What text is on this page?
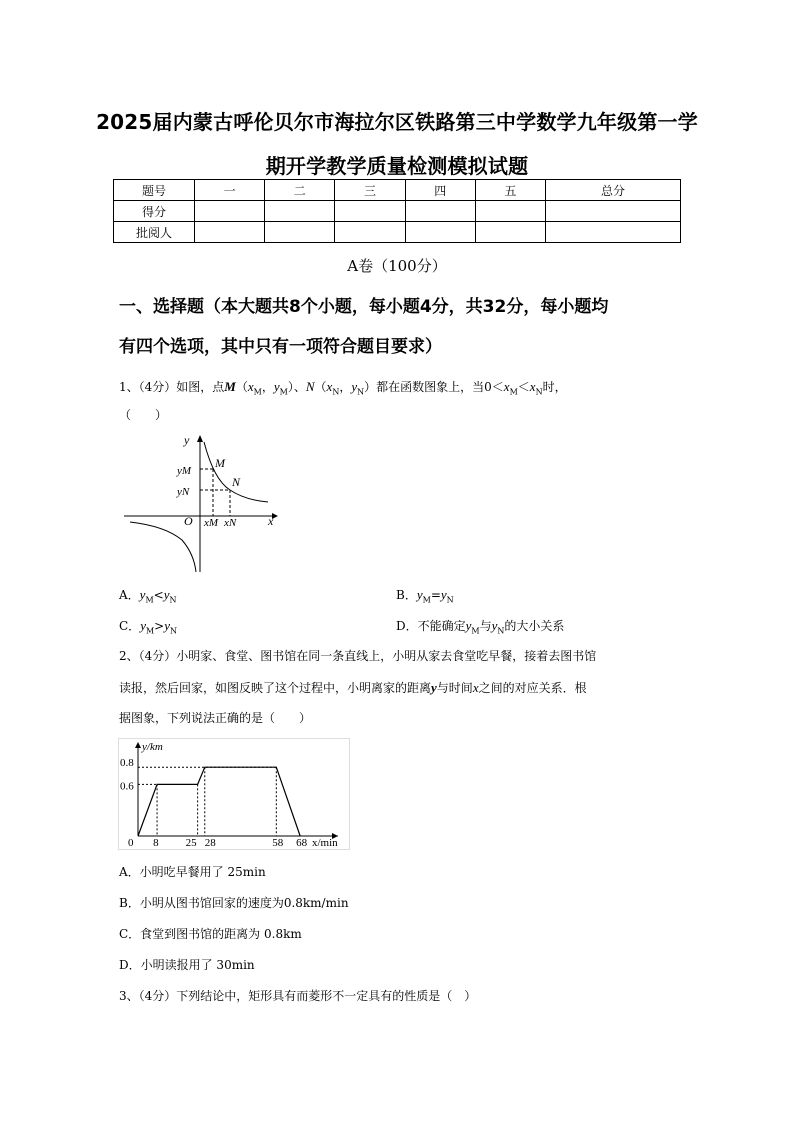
2025届内蒙古呼伦贝尔市海拉尔区铁路第三中学数学九年级第一学
期开学教学质量检测模拟试题
题号	一	二	三	四	五	总分
得分						
批阅人						
A卷（100分）
一、选择题（本大题共8个小题，每小题4分，共32分，每小题均
有四个选项，其中只有一项符合题目要求）
1、（4分）如图，点$M(x_M$，$y_M$）、$N(x_N$，$y_N$）都在函数图象上，当$0<x_M<x_N$时，
（　　）
y
x
O
M
N
yM
yN
xM xN
A．$y_M<y_N$	B．$y_M=y_N$
C．$y_M>y_N$	D．不能确定$y_M$与$y_N$的大小关系
2、（4分）小明家、食堂、图书馆在同一条直线上，小明从家去食堂吃早餐，接着去图书馆
读报，然后回家，如图反映了这个过程中，小明离家的距离y与时间x之间的对应关系．根
据图象，下列说法正确的是（　　）
y/km
x/min
0 8 25 28	58 68
0.6
0.8
A．小明吃早餐用了 25min
B．小明从图书馆回家的速度为0.8km/min
C．食堂到图书馆的距离为 0.8km
D．小明读报用了 30min
3、（4分）下列结论中，矩形具有而菱形不一定具有的性质是（　）
